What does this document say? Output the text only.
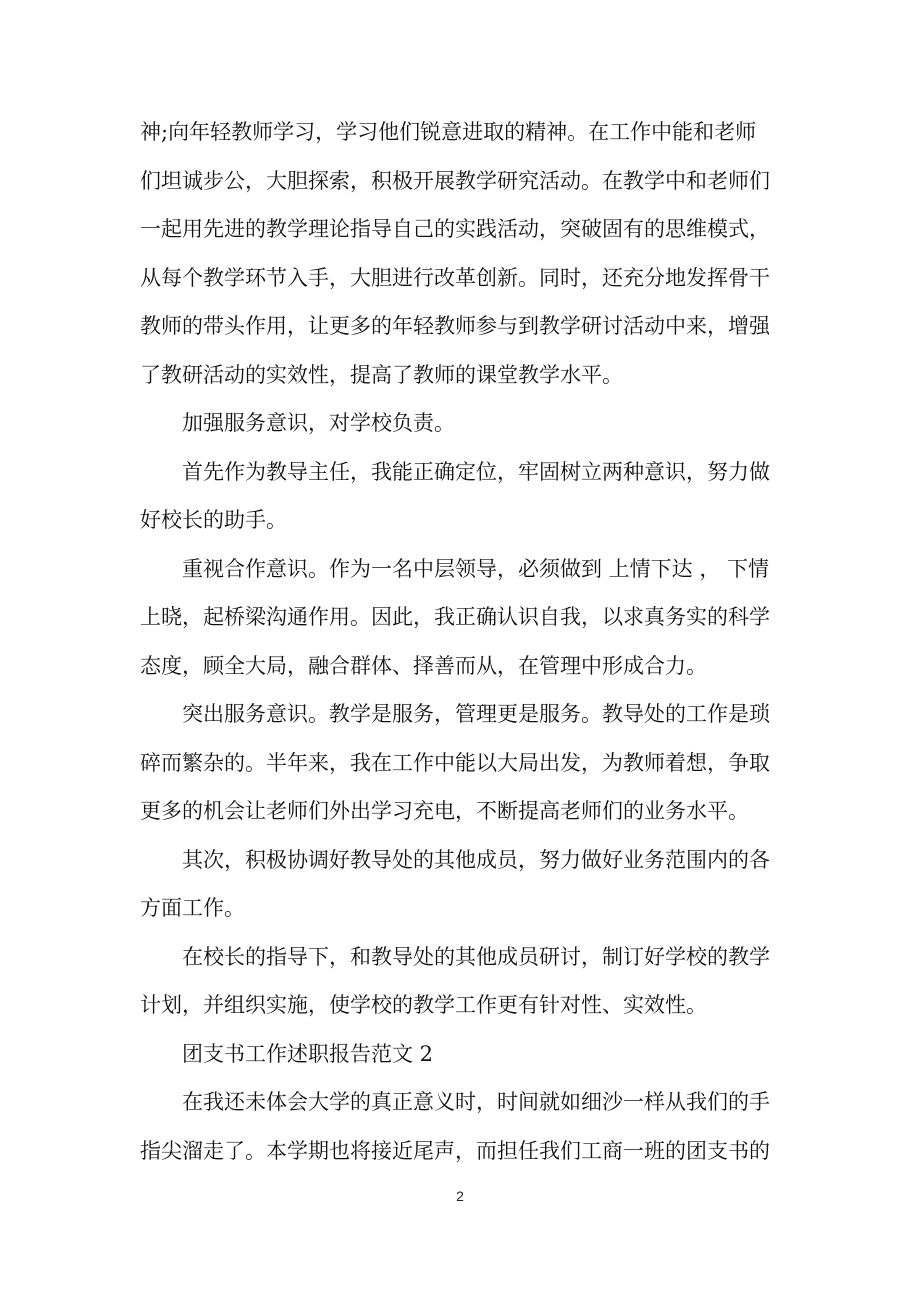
神;向年轻教师学习，学习他们锐意进取的精神。在工作中能和老师
们坦诚步公，大胆探索，积极开展教学研究活动。在教学中和老师们
一起用先进的教学理论指导自己的实践活动，突破固有的思维模式，
从每个教学环节入手，大胆进行改革创新。同时，还充分地发挥骨干
教师的带头作用，让更多的年轻教师参与到教学研讨活动中来，增强
了教研活动的实效性，提高了教师的课堂教学水平。
加强服务意识，对学校负责。
首先作为教导主任，我能正确定位，牢固树立两种意识，努力做
好校长的助手。
重视合作意识。作为一名中层领导，必须做到 上情下达 ， 下情
上晓，起桥梁沟通作用。因此，我正确认识自我，以求真务实的科学
态度，顾全大局，融合群体、择善而从，在管理中形成合力。
突出服务意识。教学是服务，管理更是服务。教导处的工作是琐
碎而繁杂的。半年来，我在工作中能以大局出发，为教师着想，争取
更多的机会让老师们外出学习充电，不断提高老师们的业务水平。
其次，积极协调好教导处的其他成员，努力做好业务范围内的各
方面工作。
在校长的指导下，和教导处的其他成员研讨，制订好学校的教学
计划，并组织实施，使学校的教学工作更有针对性、实效性。
团支书工作述职报告范文 2
在我还未体会大学的真正意义时，时间就如细沙一样从我们的手
指尖溜走了。本学期也将接近尾声，而担任我们工商一班的团支书的
2
